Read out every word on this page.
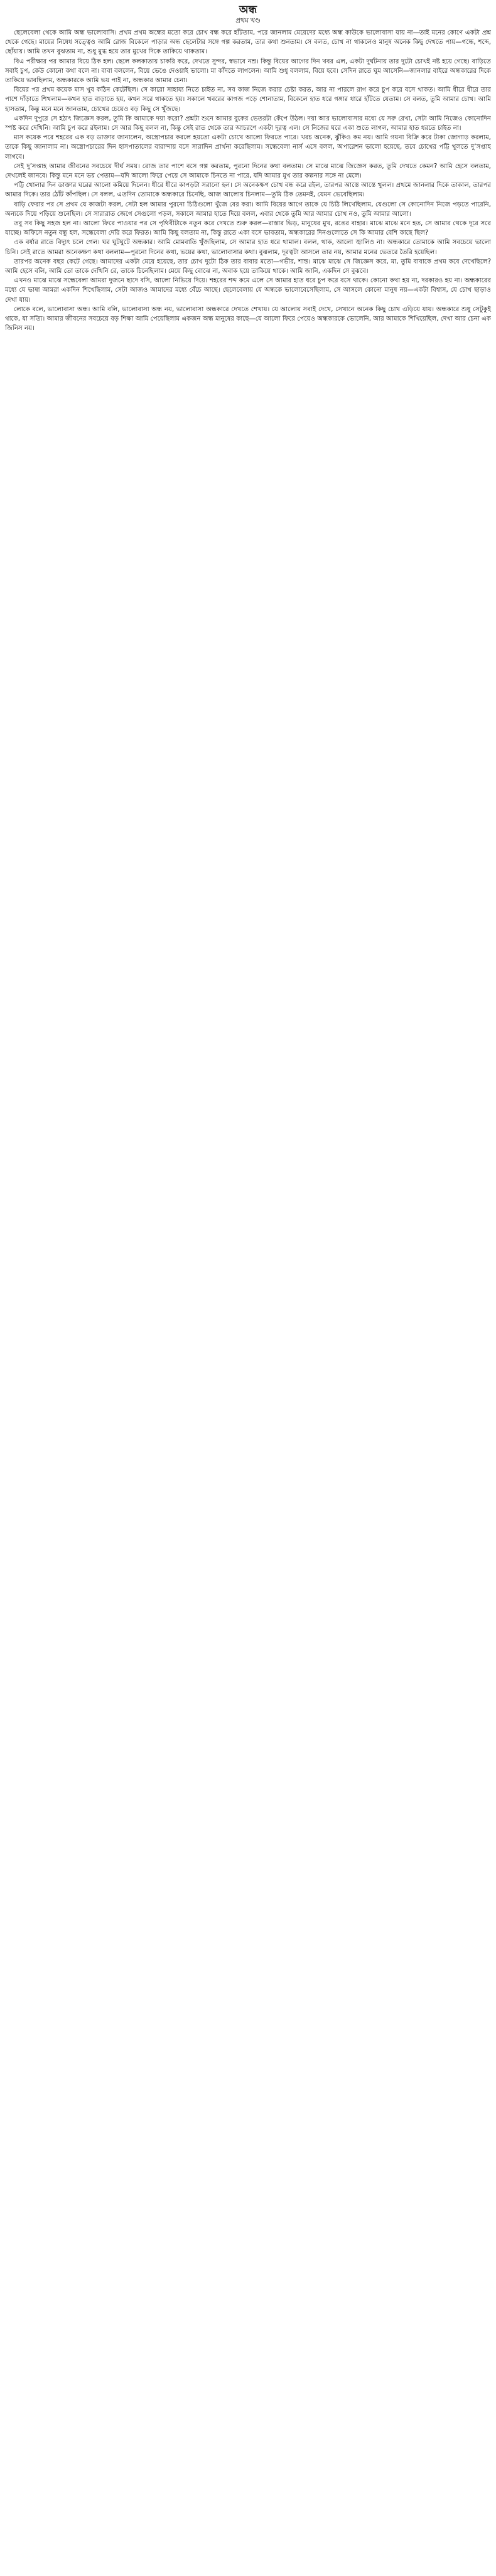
অন্ধ
প্রথম খণ্ড

ছেলেবেলা থেকে আমি অন্ধ ভালোবাসি। প্রথম প্রথম অন্ধের মতো করে চোখ বন্ধ করে হাঁটতাম, পরে জানলাম মেয়েদের মধ্যে অন্ধ কাউকে ভালোবাসা যায় না—তাই মনের কোণে একটা প্রশ্ন থেকে গেছে। মায়ের নিষেধ সত্ত্বেও আমি রোজ বিকেলে পাড়ার অন্ধ ছেলেটার সঙ্গে গল্প করতাম, তার কথা শুনতাম। সে বলত, চোখ না থাকলেও মানুষ অনেক কিছু দেখতে পায়—গন্ধে, শব্দে, ছোঁয়ায়। আমি তখন বুঝতাম না, শুধু মুগ্ধ হয়ে তার মুখের দিকে তাকিয়ে থাকতাম।

বিএ পরীক্ষার পর আমার বিয়ে ঠিক হল। ছেলে কলকাতায় চাকরি করে, দেখতে সুন্দর, স্বভাবে নম্র। কিন্তু বিয়ের আগের দিন খবর এল, একটা দুর্ঘটনায় তার দুটো চোখই নষ্ট হয়ে গেছে। বাড়িতে সবাই চুপ, কেউ কোনো কথা বলে না। বাবা বললেন, বিয়ে ভেঙে দেওয়াই ভালো। মা কাঁদতে লাগলেন। আমি শুধু বললাম, বিয়ে হবে। সেদিন রাতে ঘুম আসেনি—জানলার বাইরে অন্ধকারের দিকে তাকিয়ে ভাবছিলাম, অন্ধকারকে আমি ভয় পাই না, অন্ধকার আমার চেনা।

বিয়ের পর প্রথম কয়েক মাস খুব কঠিন কেটেছিল। সে কারো সাহায্য নিতে চাইত না, সব কাজ নিজে করার চেষ্টা করত, আর না পারলে রাগ করে চুপ করে বসে থাকত। আমি ধীরে ধীরে তার পাশে দাঁড়াতে শিখলাম—কখন হাত বাড়াতে হয়, কখন সরে থাকতে হয়। সকালে খবরের কাগজ পড়ে শোনাতাম, বিকেলে হাত ধরে গঙ্গার ধারে হাঁটতে যেতাম। সে বলত, তুমি আমার চোখ। আমি হাসতাম, কিন্তু মনে মনে জানতাম, চোখের চেয়েও বড় কিছু সে খুঁজছে।

একদিন দুপুরে সে হঠাৎ জিজ্ঞেস করল, তুমি কি আমাকে দয়া করো? প্রশ্নটা শুনে আমার বুকের ভেতরটা কেঁপে উঠল। দয়া আর ভালোবাসার মধ্যে যে সরু রেখা, সেটা আমি নিজেও কোনোদিন স্পষ্ট করে দেখিনি। আমি চুপ করে রইলাম। সে আর কিছু বলল না, কিন্তু সেই রাত থেকে তার আচরণে একটা দূরত্ব এল। সে নিজের ঘরে একা শুতে লাগল, আমার হাত ধরতে চাইত না।

মাস কয়েক পরে শহরের এক বড় ডাক্তার জানালেন, অস্ত্রোপচার করলে হয়তো একটা চোখে আলো ফিরতে পারে। খরচ অনেক, ঝুঁকিও কম নয়। আমি গয়না বিক্রি করে টাকা জোগাড় করলাম, তাকে কিছু জানালাম না। অস্ত্রোপচারের দিন হাসপাতালের বারান্দায় বসে সারাদিন প্রার্থনা করেছিলাম। সন্ধেবেলা নার্স এসে বলল, অপারেশন ভালো হয়েছে, তবে চোখের পট্টি খুলতে দু’সপ্তাহ লাগবে।

সেই দু’সপ্তাহ আমার জীবনের সবচেয়ে দীর্ঘ সময়। রোজ তার পাশে বসে গল্প করতাম, পুরনো দিনের কথা বলতাম। সে মাঝে মাঝে জিজ্ঞেস করত, তুমি দেখতে কেমন? আমি হেসে বলতাম, দেখলেই জানবে। কিন্তু মনে মনে ভয় পেতাম—যদি আলো ফিরে পেয়ে সে আমাকে চিনতে না পারে, যদি আমার মুখ তার কল্পনার সঙ্গে না মেলে।

পট্টি খোলার দিন ডাক্তার ঘরের আলো কমিয়ে দিলেন। ধীরে ধীরে কাপড়টা সরানো হল। সে অনেকক্ষণ চোখ বন্ধ করে রইল, তারপর আস্তে আস্তে খুলল। প্রথমে জানলার দিকে তাকাল, তারপর আমার দিকে। তার ঠোঁট কাঁপছিল। সে বলল, এতদিন তোমাকে অন্ধকারে চিনেছি, আজ আলোয় চিনলাম—তুমি ঠিক তেমনই, যেমন ভেবেছিলাম।

বাড়ি ফেরার পর সে প্রথম যে কাজটা করল, সেটা হল আমার পুরনো চিঠিগুলো খুঁজে বের করা। আমি বিয়ের আগে তাকে যে চিঠি লিখেছিলাম, যেগুলো সে কোনোদিন নিজে পড়তে পারেনি, অন্যকে দিয়ে পড়িয়ে শুনেছিল। সে সারারাত জেগে সেগুলো পড়ল, সকালে আমার হাতে দিয়ে বলল, এবার থেকে তুমি আর আমার চোখ নও, তুমি আমার আলো।

তবু সব কিছু সহজ হল না। আলো ফিরে পাওয়ার পর সে পৃথিবীটাকে নতুন করে দেখতে শুরু করল—রাস্তার ভিড়, মানুষের মুখ, রঙের বাহার। মাঝে মাঝে মনে হত, সে আমার থেকে দূরে সরে যাচ্ছে। অফিসে নতুন বন্ধু হল, সন্ধেবেলা দেরি করে ফিরত। আমি কিছু বলতাম না, কিন্তু রাতে একা বসে ভাবতাম, অন্ধকারের দিনগুলোতে সে কি আমার বেশি কাছে ছিল?

এক বর্ষার রাতে বিদ্যুৎ চলে গেল। ঘর ঘুটঘুটে অন্ধকার। আমি মোমবাতি খুঁজছিলাম, সে আমার হাত ধরে থামাল। বলল, থাক, আলো জ্বালিও না। অন্ধকারে তোমাকে আমি সবচেয়ে ভালো চিনি। সেই রাতে আমরা অনেকক্ষণ কথা বললাম—পুরনো দিনের কথা, ভয়ের কথা, ভালোবাসার কথা। বুঝলাম, দূরত্বটা আসলে তার নয়, আমার মনের ভেতরে তৈরি হয়েছিল।

তারপর অনেক বছর কেটে গেছে। আমাদের একটা মেয়ে হয়েছে, তার চোখ দুটো ঠিক তার বাবার মতো—গভীর, শান্ত। মাঝে মাঝে সে জিজ্ঞেস করে, মা, তুমি বাবাকে প্রথম কবে দেখেছিলে? আমি হেসে বলি, আমি তো তাকে দেখিনি রে, তাকে চিনেছিলাম। মেয়ে কিছু বোঝে না, অবাক হয়ে তাকিয়ে থাকে। আমি জানি, একদিন সে বুঝবে।

এখনও মাঝে মাঝে সন্ধেবেলা আমরা দুজনে ছাদে বসি, আলো নিভিয়ে দিয়ে। শহরের শব্দ কমে এলে সে আমার হাত ধরে চুপ করে বসে থাকে। কোনো কথা হয় না, দরকারও হয় না। অন্ধকারের মধ্যে যে ভাষা আমরা একদিন শিখেছিলাম, সেটা আজও আমাদের মধ্যে বেঁচে আছে। ছেলেবেলায় যে অন্ধকে ভালোবেসেছিলাম, সে আসলে কোনো মানুষ নয়—একটা বিশ্বাস, যে চোখ ছাড়াও দেখা যায়।

লোকে বলে, ভালোবাসা অন্ধ। আমি বলি, ভালোবাসা অন্ধ নয়, ভালোবাসা অন্ধকারে দেখতে শেখায়। যে আলোয় সবাই দেখে, সেখানে অনেক কিছু চোখ এড়িয়ে যায়। অন্ধকারে শুধু সেটুকুই থাকে, যা সত্যি। আমার জীবনের সবচেয়ে বড় শিক্ষা আমি পেয়েছিলাম একজন অন্ধ মানুষের কাছে—যে আলো ফিরে পেয়েও অন্ধকারকে ভোলেনি, আর আমাকে শিখিয়েছিল, দেখা আর চেনা এক জিনিস নয়।
